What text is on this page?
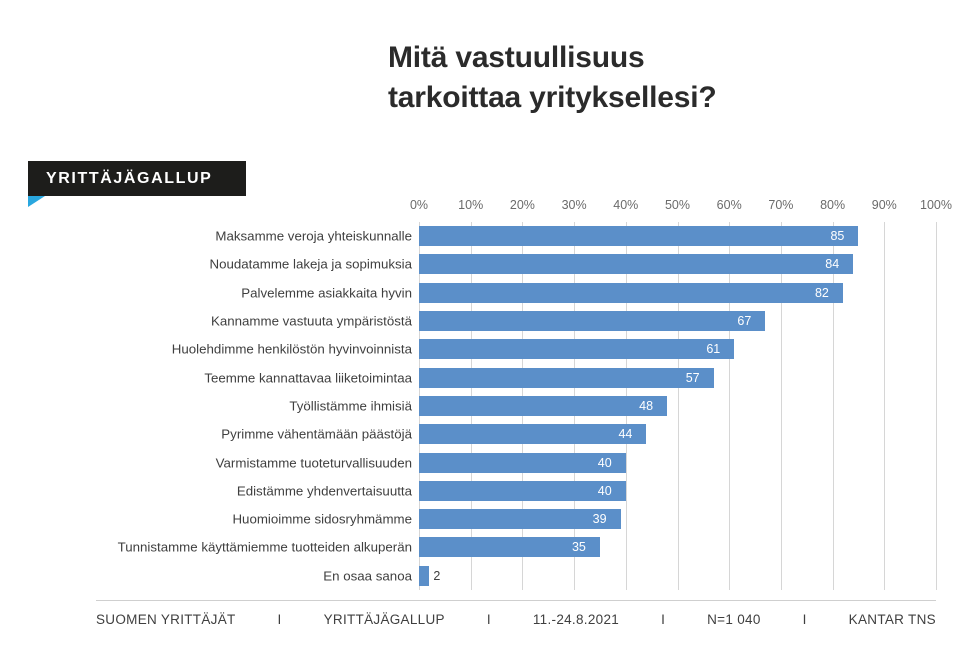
Mitä vastuullisuus
tarkoittaa yrityksellesi?
YRITTÄJÄGALLUP
0% 10% 20% 30% 40% 50% 60% 70% 80% 90% 100%
Maksamme veroja yhteiskunnalle	85
Noudatamme lakeja ja sopimuksia	84
Palvelemme asiakkaita hyvin	82
Kannamme vastuuta ympäristöstä	67
Huolehdimme henkilöstön hyvinvoinnista	61
Teemme kannattavaa liiketoimintaa	57
Työllistämme ihmisiä	48
Pyrimme vähentämään päästöjä	44
Varmistamme tuoteturvallisuuden	40
Edistämme yhdenvertaisuutta	40
Huomioimme sidosryhmämme	39
Tunnistamme käyttämiemme tuotteiden alkuperän	35
En osaa sanoa 2
SUOMEN YRITTÄJÄT	I	YRITTÄJÄGALLUP	I	11.-24.8.2021	I	N=1 040	I	KANTAR TNS
